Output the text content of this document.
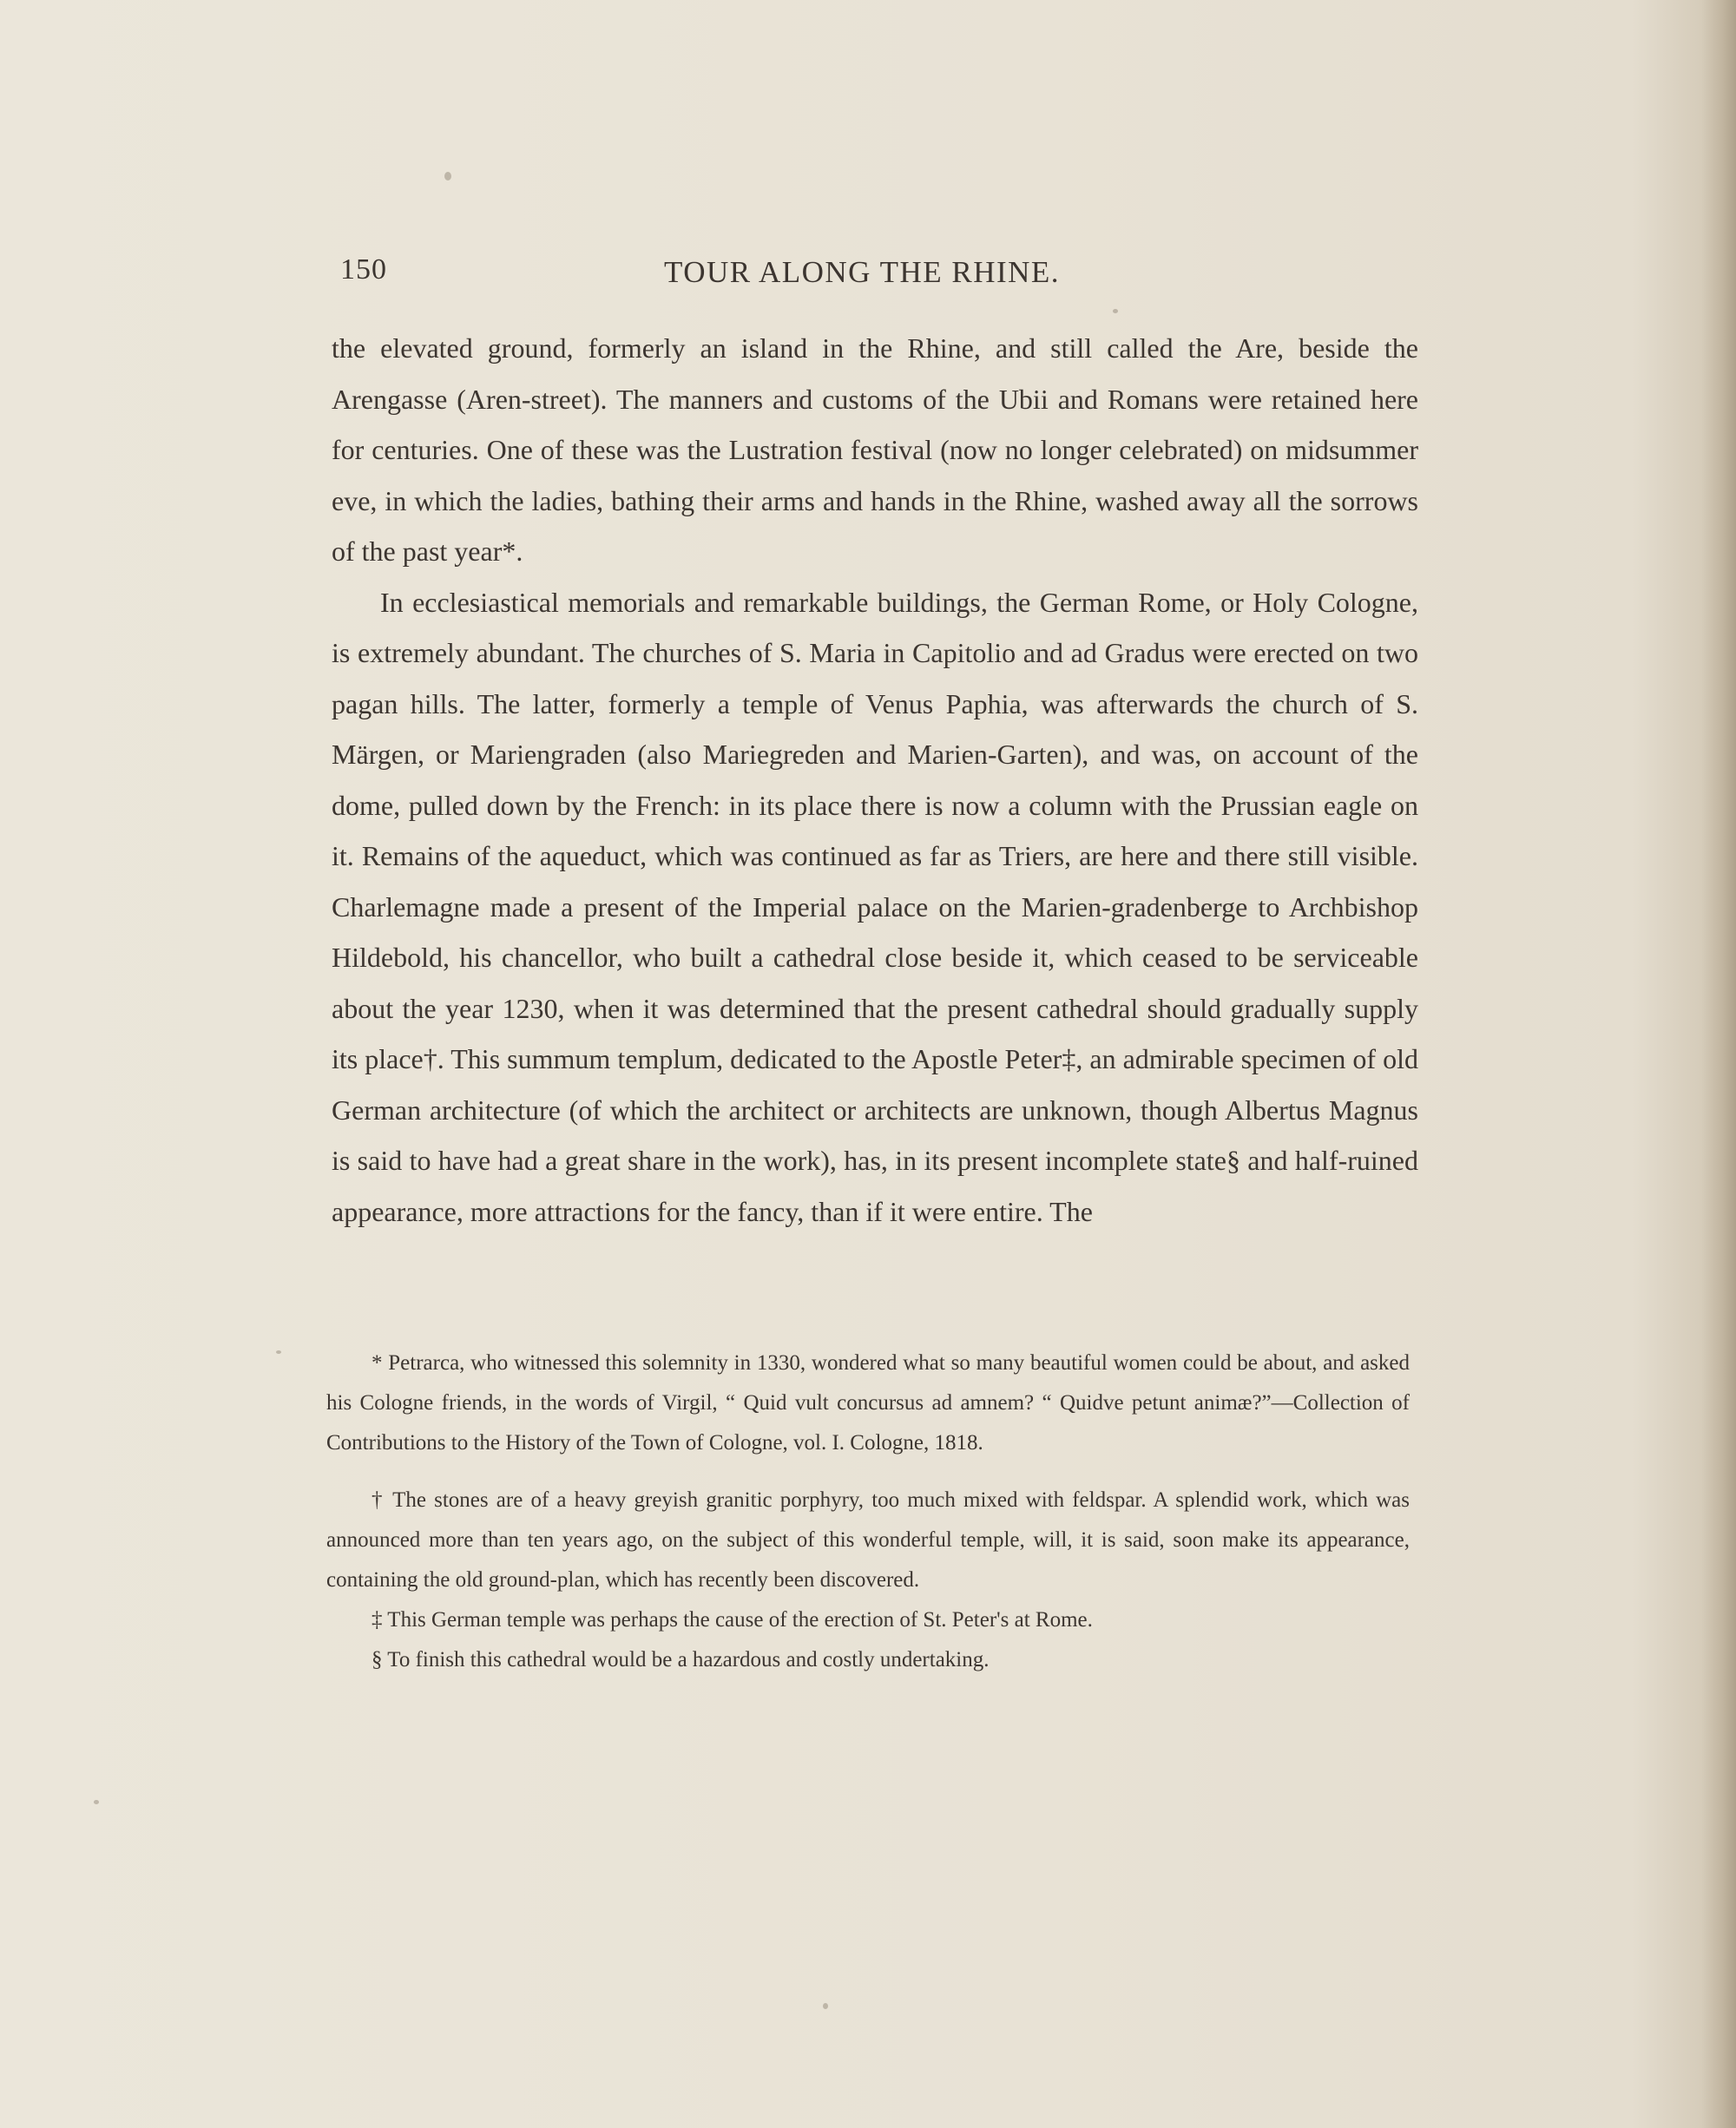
150	TOUR ALONG THE RHINE.

the elevated ground, formerly an island in the Rhine, and still called the Are, beside the Arengasse (Aren-street). The manners and customs of the Ubii and Romans were retained here for centuries. One of these was the Lustration festival (now no longer celebrated) on midsummer eve, in which the ladies, bathing their arms and hands in the Rhine, washed away all the sorrows of the past year*.

In ecclesiastical memorials and remarkable buildings, the German Rome, or Holy Cologne, is extremely abundant. The churches of S. Maria in Capitolio and ad Gradus were erected on two pagan hills. The latter, formerly a temple of Venus Paphia, was afterwards the church of S. Märgen, or Mariengraden (also Mariegreden and Marien-Garten), and was, on account of the dome, pulled down by the French: in its place there is now a column with the Prussian eagle on it. Remains of the aqueduct, which was continued as far as Triers, are here and there still visible. Charlemagne made a present of the Imperial palace on the Marien-gradenberge to Archbishop Hildebold, his chancellor, who built a cathedral close beside it, which ceased to be serviceable about the year 1230, when it was determined that the present cathedral should gradually supply its place†. This summum templum, dedicated to the Apostle Peter‡, an admirable specimen of old German architecture (of which the architect or architects are unknown, though Albertus Magnus is said to have had a great share in the work), has, in its present incomplete state§ and half-ruined appearance, more attractions for the fancy, than if it were entire. The

* Petrarca, who witnessed this solemnity in 1330, wondered what so many beautiful women could be about, and asked his Cologne friends, in the words of Virgil, “ Quid vult concursus ad amnem? “ Quidve petunt animæ?”—Collection of Contributions to the History of the Town of Cologne, vol. I. Cologne, 1818.

† The stones are of a heavy greyish granitic porphyry, too much mixed with feldspar. A splendid work, which was announced more than ten years ago, on the subject of this wonderful temple, will, it is said, soon make its appearance, containing the old ground-plan, which has recently been discovered.

‡ This German temple was perhaps the cause of the erection of St. Peter's at Rome.

§ To finish this cathedral would be a hazardous and costly undertaking.
